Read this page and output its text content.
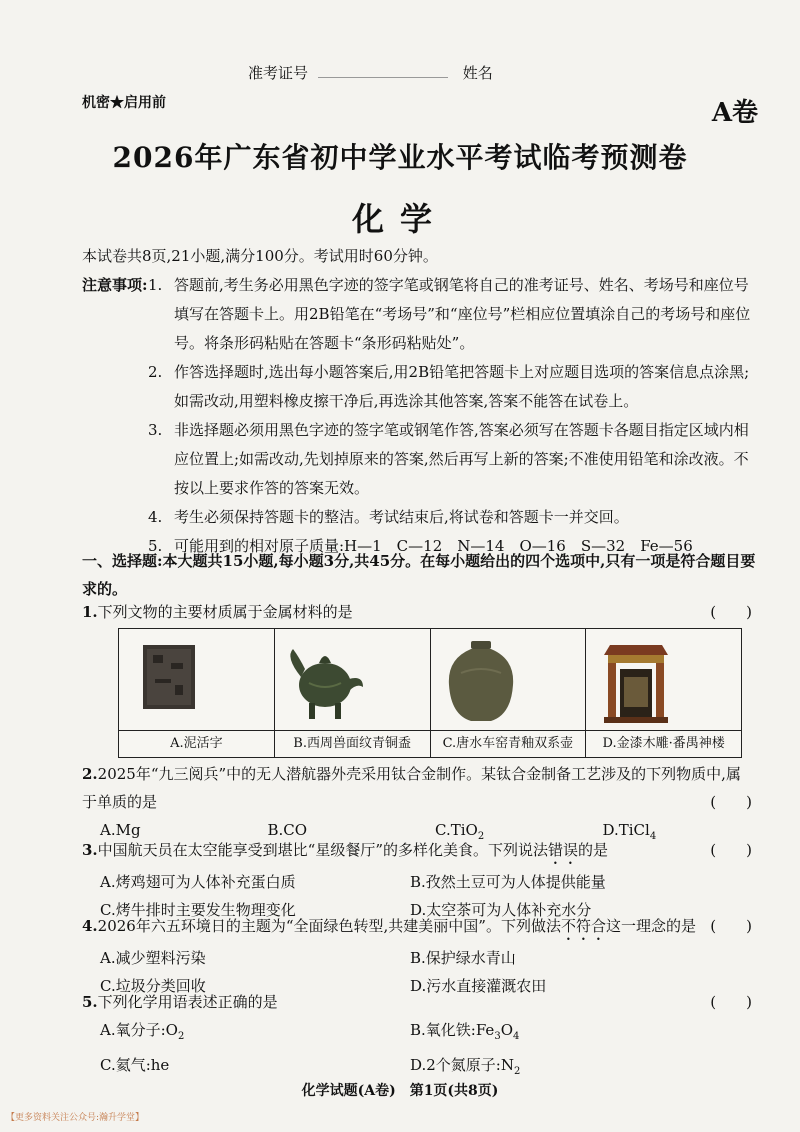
准考证号	姓名
机密★启用前	A卷
2026年广东省初中学业水平考试临考预测卷
化学
本试卷共8页,21小题,满分100分。考试用时60分钟。
注意事项: 1. 答题前,考生务必用黑色字迹的签字笔或钢笔将自己的准考证号、姓名、考场号和座位号填写在答题卡上。用2B铅笔在“考场号”和“座位号”栏相应位置填涂自己的考场号和座位号。将条形码粘贴在答题卡“条形码粘贴处”。
2. 作答选择题时,选出每小题答案后,用2B铅笔把答题卡上对应题目选项的答案信息点涂黑;如需改动,用塑料橡皮擦干净后,再选涂其他答案,答案不能答在试卷上。
3. 非选择题必须用黑色字迹的签字笔或钢笔作答,答案必须写在答题卡各题目指定区域内相应位置上;如需改动,先划掉原来的答案,然后再写上新的答案;不准使用铅笔和涂改液。不按以上要求作答的答案无效。
4. 考生必须保持答题卡的整洁。考试结束后,将试卷和答题卡一并交回。
5. 可能用到的相对原子质量:H—1　C—12　N—14　O—16　S—32　Fe—56
一、选择题:本大题共15小题,每小题3分,共45分。在每小题给出的四个选项中,只有一项是符合题目要求的。
1.下列文物的主要材质属于金属材料的是	(　　)
A.泥活字	B.西周兽面纹青铜盉	C.唐水车窑青釉双系壶	D.金漆木雕·番禺神楼
2.2025年“九三阅兵”中的无人潜航器外壳采用钛合金制作。某钛合金制备工艺涉及的下列物质中,属于单质的是	(　　)
A.Mg	B.CO	C.TiO$_2$	D.TiCl$_4$
3.中国航天员在太空能享受到堪比“星级餐厅”的多样化美食。下列说法错误的是	(　　)
A.烤鸡翅可为人体补充蛋白质	B.孜然土豆可为人体提供能量
C.烤牛排时主要发生物理变化	D.太空茶可为人体补充水分
4.2026年六五环境日的主题为“全面绿色转型,共建美丽中国”。下列做法不符合这一理念的是 (　　)
A.减少塑料污染	B.保护绿水青山
C.垃圾分类回收	D.污水直接灌溉农田
5.下列化学用语表述正确的是	(　　)
A.氧分子$:O_2$	B.氧化铁$:Fe_3O_4$
C.氦气:he	D.2个氮原子$:N_2$
化学试题(A卷)　第1页(共8页)
【更多资料关注公众号:瀚升学堂】
